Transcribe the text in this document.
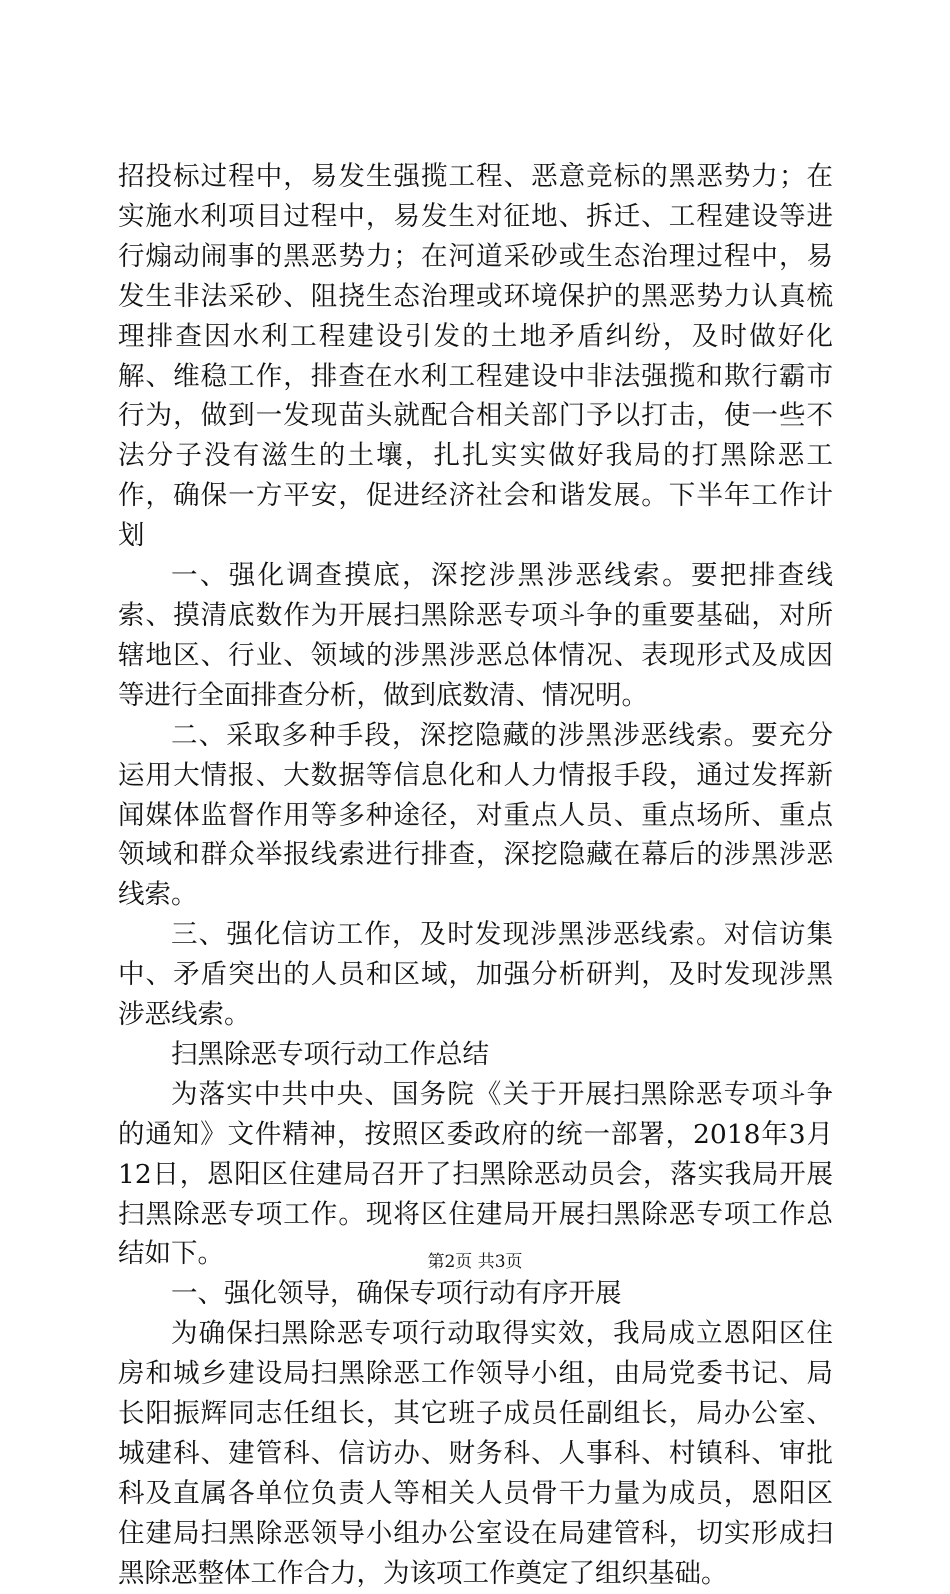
招投标过程中，易发生强揽工程、恶意竞标的黑恶势力；在实施水利项目过程中，易发生对征地、拆迁、工程建设等进行煽动闹事的黑恶势力；在河道采砂或生态治理过程中，易发生非法采砂、阻挠生态治理或环境保护的黑恶势力认真梳理排查因水利工程建设引发的土地矛盾纠纷，及时做好化解、维稳工作，排查在水利工程建设中非法强揽和欺行霸市行为，做到一发现苗头就配合相关部门予以打击，使一些不法分子没有滋生的土壤，扎扎实实做好我局的打黑除恶工作，确保一方平安，促进经济社会和谐发展。下半年工作计划

一、强化调查摸底，深挖涉黑涉恶线索。要把排查线索、摸清底数作为开展扫黑除恶专项斗争的重要基础，对所辖地区、行业、领域的涉黑涉恶总体情况、表现形式及成因等进行全面排查分析，做到底数清、情况明。

二、采取多种手段，深挖隐藏的涉黑涉恶线索。要充分运用大情报、大数据等信息化和人力情报手段，通过发挥新闻媒体监督作用等多种途径，对重点人员、重点场所、重点领域和群众举报线索进行排查，深挖隐藏在幕后的涉黑涉恶线索。

三、强化信访工作，及时发现涉黑涉恶线索。对信访集中、矛盾突出的人员和区域，加强分析研判，及时发现涉黑涉恶线索。

扫黑除恶专项行动工作总结

为落实中共中央、国务院《关于开展扫黑除恶专项斗争的通知》文件精神，按照区委政府的统一部署，2018年3月12日，恩阳区住建局召开了扫黑除恶动员会，落实我局开展扫黑除恶专项工作。现将区住建局开展扫黑除恶专项工作总结如下。

一、强化领导，确保专项行动有序开展

为确保扫黑除恶专项行动取得实效，我局成立恩阳区住房和城乡建设局扫黑除恶工作领导小组，由局党委书记、局长阳振辉同志任组长，其它班子成员任副组长，局办公室、城建科、建管科、信访办、财务科、人事科、村镇科、审批科及直属各单位负责人等相关人员骨干力量为成员，恩阳区住建局扫黑除恶领导小组办公室设在局建管科，切实形成扫黑除恶整体工作合力，为该项工作奠定了组织基础。

第2页 共3页
